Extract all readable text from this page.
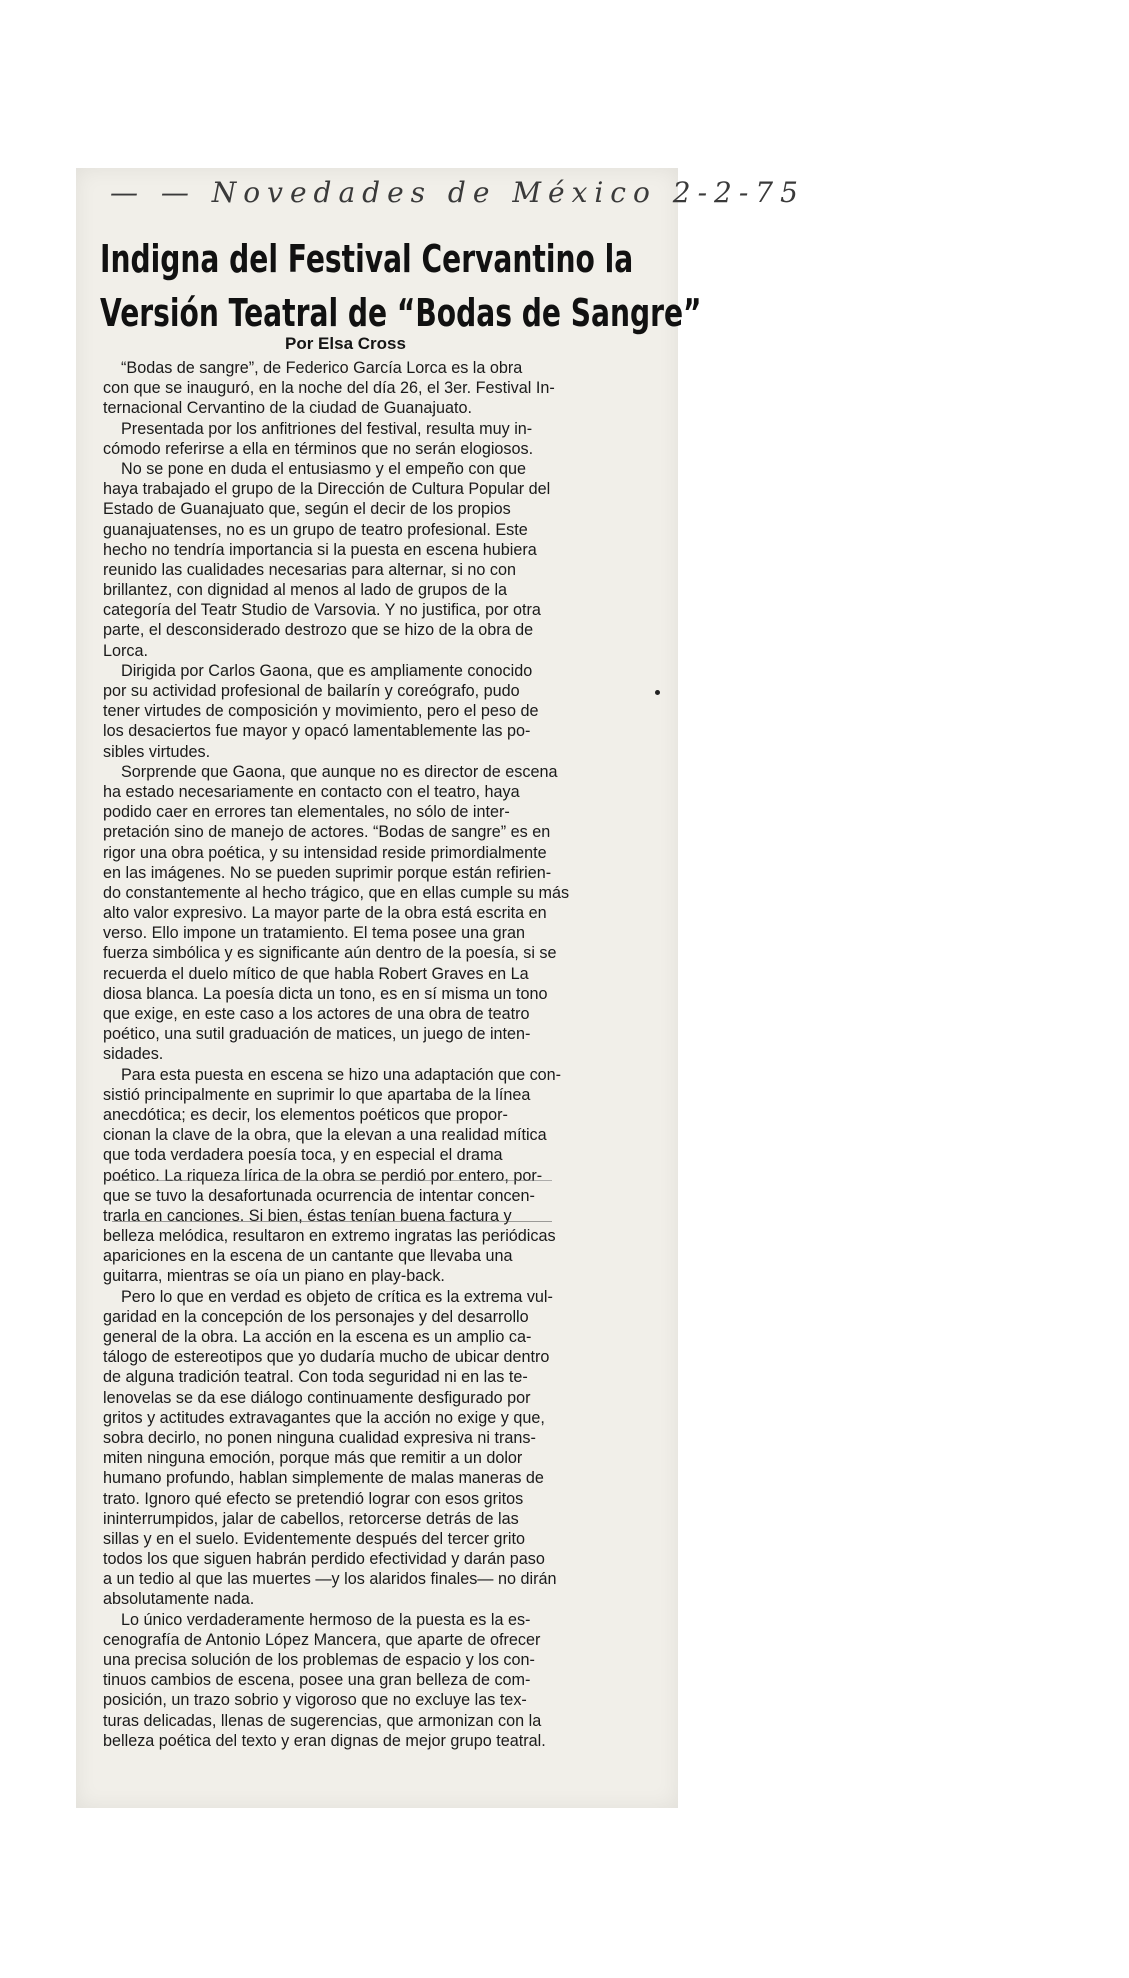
— — Novedades de México 2-2-75
Indigna del Festival Cervantino la
Versión Teatral de “Bodas de Sangre”
Por Elsa Cross
“Bodas de sangre”, de Federico García Lorca es la obra
con que se inauguró, en la noche del día 26, el 3er. Festival In-
ternacional Cervantino de la ciudad de Guanajuato.
Presentada por los anfitriones del festival, resulta muy in-
cómodo referirse a ella en términos que no serán elogiosos.
No se pone en duda el entusiasmo y el empeño con que
haya trabajado el grupo de la Dirección de Cultura Popular del
Estado de Guanajuato que, según el decir de los propios
guanajuatenses, no es un grupo de teatro profesional. Este
hecho no tendría importancia si la puesta en escena hubiera
reunido las cualidades necesarias para alternar, si no con
brillantez, con dignidad al menos al lado de grupos de la
categoría del Teatr Studio de Varsovia. Y no justifica, por otra
parte, el desconsiderado destrozo que se hizo de la obra de
Lorca.
Dirigida por Carlos Gaona, que es ampliamente conocido
por su actividad profesional de bailarín y coreógrafo, pudo
tener virtudes de composición y movimiento, pero el peso de
los desaciertos fue mayor y opacó lamentablemente las po-
sibles virtudes.
Sorprende que Gaona, que aunque no es director de escena
ha estado necesariamente en contacto con el teatro, haya
podido caer en errores tan elementales, no sólo de inter-
pretación sino de manejo de actores. “Bodas de sangre” es en
rigor una obra poética, y su intensidad reside primordialmente
en las imágenes. No se pueden suprimir porque están refirien-
do constantemente al hecho trágico, que en ellas cumple su más
alto valor expresivo. La mayor parte de la obra está escrita en
verso. Ello impone un tratamiento. El tema posee una gran
fuerza simbólica y es significante aún dentro de la poesía, si se
recuerda el duelo mítico de que habla Robert Graves en La
diosa blanca. La poesía dicta un tono, es en sí misma un tono
que exige, en este caso a los actores de una obra de teatro
poético, una sutil graduación de matices, un juego de inten-
sidades.
Para esta puesta en escena se hizo una adaptación que con-
sistió principalmente en suprimir lo que apartaba de la línea
anecdótica; es decir, los elementos poéticos que propor-
cionan la clave de la obra, que la elevan a una realidad mítica
que toda verdadera poesía toca, y en especial el drama
poético. La riqueza lírica de la obra se perdió por entero, por-
que se tuvo la desafortunada ocurrencia de intentar concen-
trarla en canciones. Si bien, éstas tenían buena factura y
belleza melódica, resultaron en extremo ingratas las periódicas
apariciones en la escena de un cantante que llevaba una
guitarra, mientras se oía un piano en play-back.
Pero lo que en verdad es objeto de crítica es la extrema vul-
garidad en la concepción de los personajes y del desarrollo
general de la obra. La acción en la escena es un amplio ca-
tálogo de estereotipos que yo dudaría mucho de ubicar dentro
de alguna tradición teatral. Con toda seguridad ni en las te-
lenovelas se da ese diálogo continuamente desfigurado por
gritos y actitudes extravagantes que la acción no exige y que,
sobra decirlo, no ponen ninguna cualidad expresiva ni trans-
miten ninguna emoción, porque más que remitir a un dolor
humano profundo, hablan simplemente de malas maneras de
trato. Ignoro qué efecto se pretendió lograr con esos gritos
ininterrumpidos, jalar de cabellos, retorcerse detrás de las
sillas y en el suelo. Evidentemente después del tercer grito
todos los que siguen habrán perdido efectividad y darán paso
a un tedio al que las muertes —y los alaridos finales— no dirán
absolutamente nada.
Lo único verdaderamente hermoso de la puesta es la es-
cenografía de Antonio López Mancera, que aparte de ofrecer
una precisa solución de los problemas de espacio y los con-
tinuos cambios de escena, posee una gran belleza de com-
posición, un trazo sobrio y vigoroso que no excluye las tex-
turas delicadas, llenas de sugerencias, que armonizan con la
belleza poética del texto y eran dignas de mejor grupo teatral.
